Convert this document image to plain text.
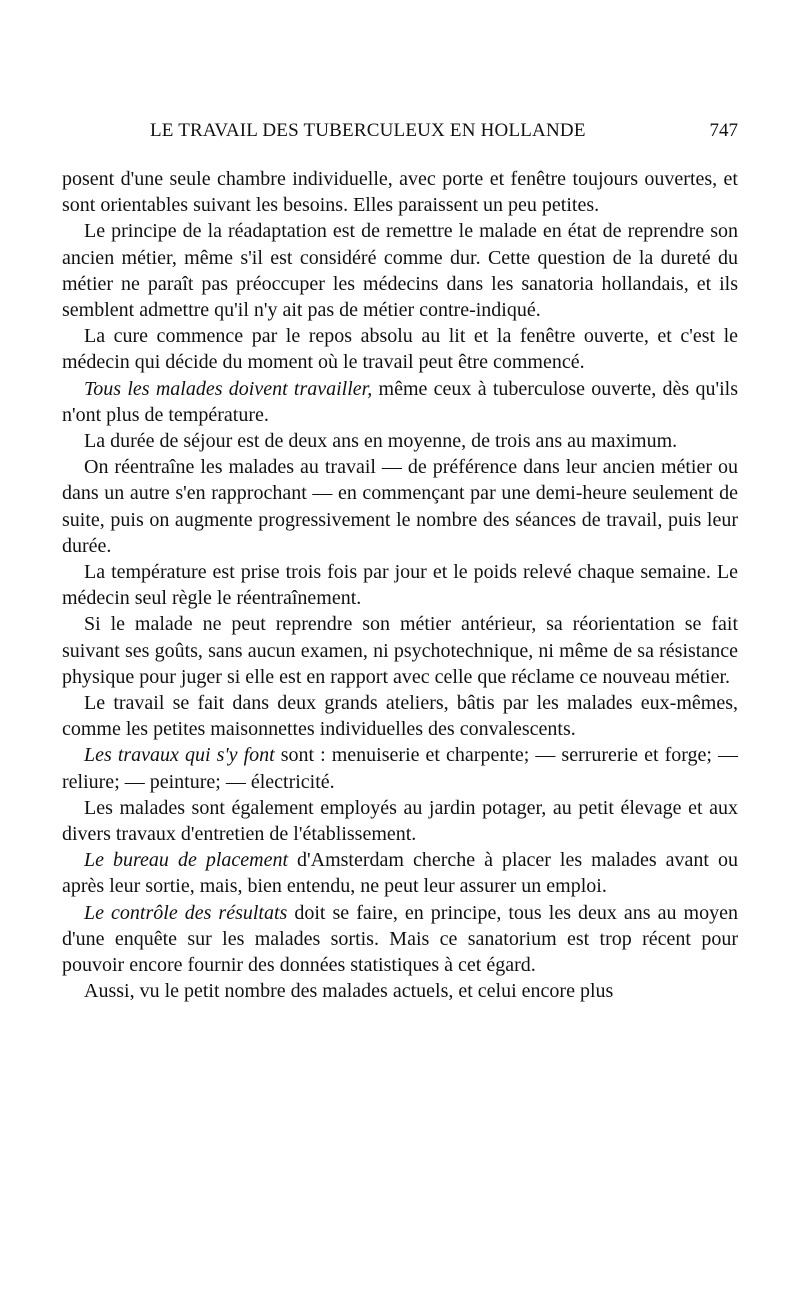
LE TRAVAIL DES TUBERCULEUX EN HOLLANDE	747

posent d'une seule chambre individuelle, avec porte et fenêtre toujours ouvertes, et sont orientables suivant les besoins. Elles paraissent un peu petites.

Le principe de la réadaptation est de remettre le malade en état de reprendre son ancien métier, même s'il est considéré comme dur. Cette question de la dureté du métier ne paraît pas préoccuper les médecins dans les sanatoria hollandais, et ils semblent admettre qu'il n'y ait pas de métier contre-indiqué.

La cure commence par le repos absolu au lit et la fenêtre ouverte, et c'est le médecin qui décide du moment où le travail peut être commencé.

Tous les malades doivent travailler, même ceux à tuberculose ouverte, dès qu'ils n'ont plus de température.

La durée de séjour est de deux ans en moyenne, de trois ans au maximum.

On réentraîne les malades au travail — de préférence dans leur ancien métier ou dans un autre s'en rapprochant — en commençant par une demi-heure seulement de suite, puis on augmente progressivement le nombre des séances de travail, puis leur durée.

La température est prise trois fois par jour et le poids relevé chaque semaine. Le médecin seul règle le réentraînement.

Si le malade ne peut reprendre son métier antérieur, sa réorientation se fait suivant ses goûts, sans aucun examen, ni psychotechnique, ni même de sa résistance physique pour juger si elle est en rapport avec celle que réclame ce nouveau métier.

Le travail se fait dans deux grands ateliers, bâtis par les malades eux-mêmes, comme les petites maisonnettes individuelles des convalescents.

Les travaux qui s'y font sont : menuiserie et charpente; — serrurerie et forge; — reliure; — peinture; — électricité.

Les malades sont également employés au jardin potager, au petit élevage et aux divers travaux d'entretien de l'établissement.

Le bureau de placement d'Amsterdam cherche à placer les malades avant ou après leur sortie, mais, bien entendu, ne peut leur assurer un emploi.

Le contrôle des résultats doit se faire, en principe, tous les deux ans au moyen d'une enquête sur les malades sortis. Mais ce sanatorium est trop récent pour pouvoir encore fournir des données statistiques à cet égard.

Aussi, vu le petit nombre des malades actuels, et celui encore plus
